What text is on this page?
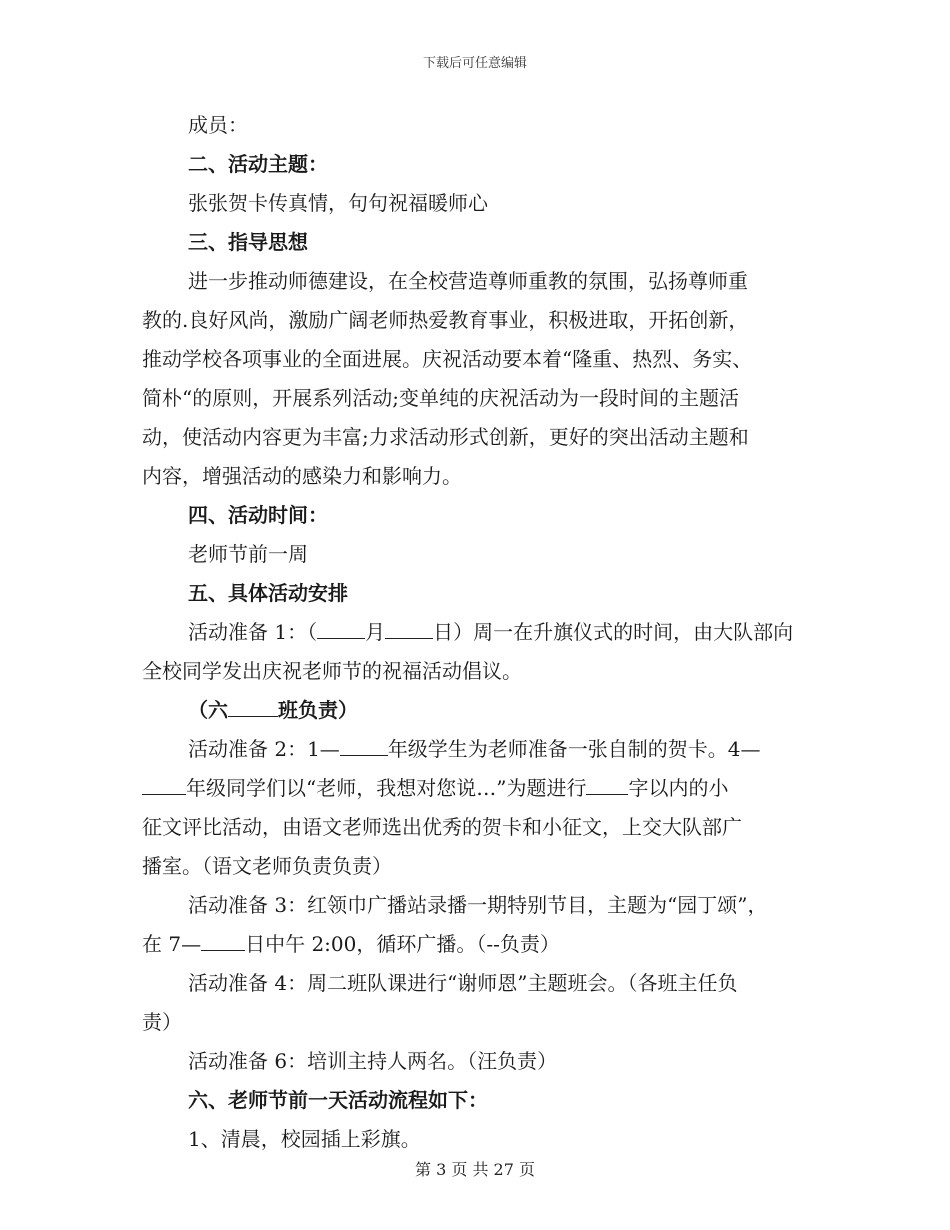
下载后可任意编辑
成员：
二、活动主题：
张张贺卡传真情，句句祝福暖师心
三、指导思想
进一步推动师德建设，在全校营造尊师重教的氛围，弘扬尊师重
教的.良好风尚，激励广阔老师热爱教育事业，积极进取，开拓创新，
推动学校各项事业的全面进展。庆祝活动要本着“隆重、热烈、务实、
简朴“的原则，开展系列活动;变单纯的庆祝活动为一段时间的主题活
动，使活动内容更为丰富;力求活动形式创新，更好的突出活动主题和
内容，增强活动的感染力和影响力。
四、活动时间：
老师节前一周
五、具体活动安排
活动准备 1：（ 月 日）周一在升旗仪式的时间，由大队部向
全校同学发出庆祝老师节的祝福活动倡议。
（六	班负责）
活动准备 2：1— 年级学生为老师准备一张自制的贺卡。4—
年级同学们以“老师，我想对您说…”为题进行 字以内的小
征文评比活动，由语文老师选出优秀的贺卡和小征文，上交大队部广
播室。（语文老师负责负责）
活动准备 3：红领巾广播站录播一期特别节目，主题为“园丁颂”，
在 7— 日中午 2:00，循环广播。（--负责）
活动准备 4：周二班队课进行“谢师恩”主题班会。（各班主任负
责）
活动准备 6：培训主持人两名。（汪负责）
六、老师节前一天活动流程如下：
1、清晨，校园插上彩旗。
第 3 页 共 27 页
